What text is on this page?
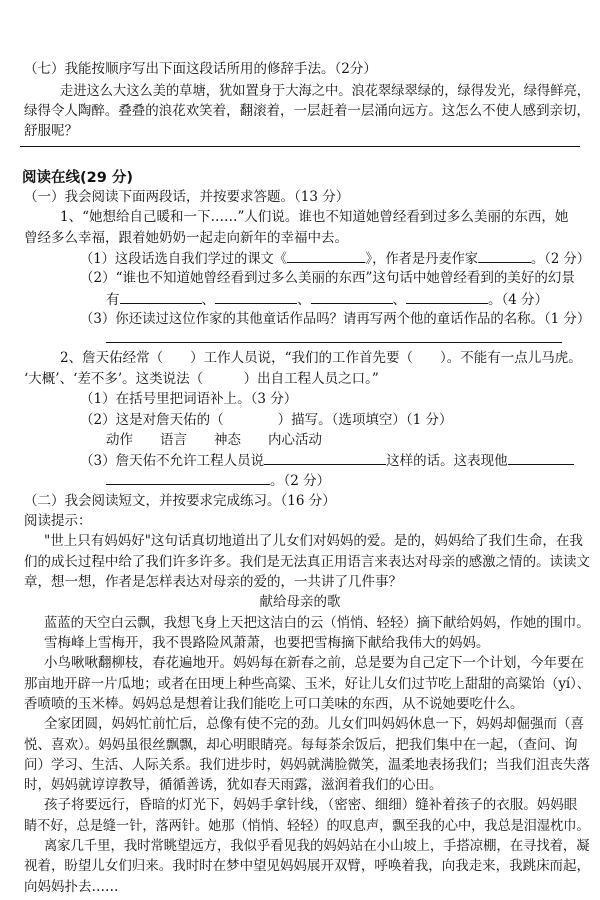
（七）我能按顺序写出下面这段话所用的修辞手法。（2分）
走进这么大这么美的草塘，犹如置身于大海之中。浪花翠绿翠绿的，绿得发光，绿得鲜亮，
绿得令人陶醉。叠叠的浪花欢笑着，翻滚着，一层赶着一层涌向远方。这怎么不使人感到亲切，
舒服呢？
阅读在线(29 分)
（一）我会阅读下面两段话，并按要求答题。（13 分）
1、“她想给自己暖和一下……”人们说。谁也不知道她曾经看到过多么美丽的东西，她
曾经多么幸福，跟着她奶奶一起走向新年的幸福中去。
（1）这段话选自我们学过的课文《	》，作者是丹麦作家	。（2 分）
（2）“谁也不知道她曾经看到过多么美丽的东西”这句话中她曾经看到的美好的幻景
有	、	、	、	。（4 分）
（3）你还读过这位作家的其他童话作品吗？请再写两个他的童话作品的名称。（1 分）
2、詹天佑经常（　　）工作人员说，“我们的工作首先要（　　）。不能有一点儿马虎。
‘大概’、‘差不多’。这类说法（　　　）出自工程人员之口。”
（1）在括号里把词语补上。（3 分）
（2）这是对詹天佑的（　　　　）描写。（选项填空）（1 分）
动作　　语言　　神态　　内心活动
（3）詹天佑不允许工程人员说	这样的话。这表现他
。（2 分）
（二）我会阅读短文，并按要求完成练习。（16 分）
阅读提示：
"世上只有妈妈好"这句话真切地道出了儿女们对妈妈的爱。是的，妈妈给了我们生命，在我
们的成长过程中给了我们许多许多。我们是无法真正用语言来表达对母亲的感激之情的。读读文
章，想一想，作者是怎样表达对母亲的爱的，一共讲了几件事？
献给母亲的歌
蓝蓝的天空白云飘，我想飞身上天把这洁白的云（悄悄、轻轻）摘下献给妈妈，作她的围巾。
雪梅峰上雪梅开，我不畏路险风萧萧，也要把雪梅摘下献给我伟大的妈妈。
小鸟啾啾翻柳枝，春花遍地开。妈妈每在新春之前，总是要为自己定下一个计划，今年要在
那亩地开辟一片瓜地；或者在田埂上种些高粱、玉米，好让儿女们过节吃上甜甜的高粱饴（yí）、
香喷喷的玉米棒。妈妈总是想着让我们能吃上可口美味的东西，从不说她要吃什么。
全家团圆，妈妈忙前忙后，总像有使不完的劲。儿女们叫妈妈休息一下，妈妈却倔强而（喜
悦、喜欢）。妈妈虽很丝飘飘，却心明眼睛亮。每每茶余饭后，把我们集中在一起，（查问、询
问）学习、生活、人际关系。我们进步时，妈妈就满脸微笑，温柔地表扬我们；当我们沮丧失落
时，妈妈就谆谆教导，循循善诱，犹如春天雨露，滋润着我们的心田。
孩子将要远行，昏暗的灯光下，妈妈手拿针线，（密密、细细）缝补着孩子的衣服。妈妈眼
睛不好，总是缝一针，落两针。她那（悄悄、轻轻）的叹息声，飘至我的心中，我总是泪湿枕巾。
离家几千里，我时常眺望远方，我似乎看见我的妈妈站在小山坡上，手搭凉棚，在寻找着，凝
视着，盼望儿女们归来。我时时在梦中望见妈妈展开双臂，呼唤着我，向我走来，我跳床而起，
向妈妈扑去……
